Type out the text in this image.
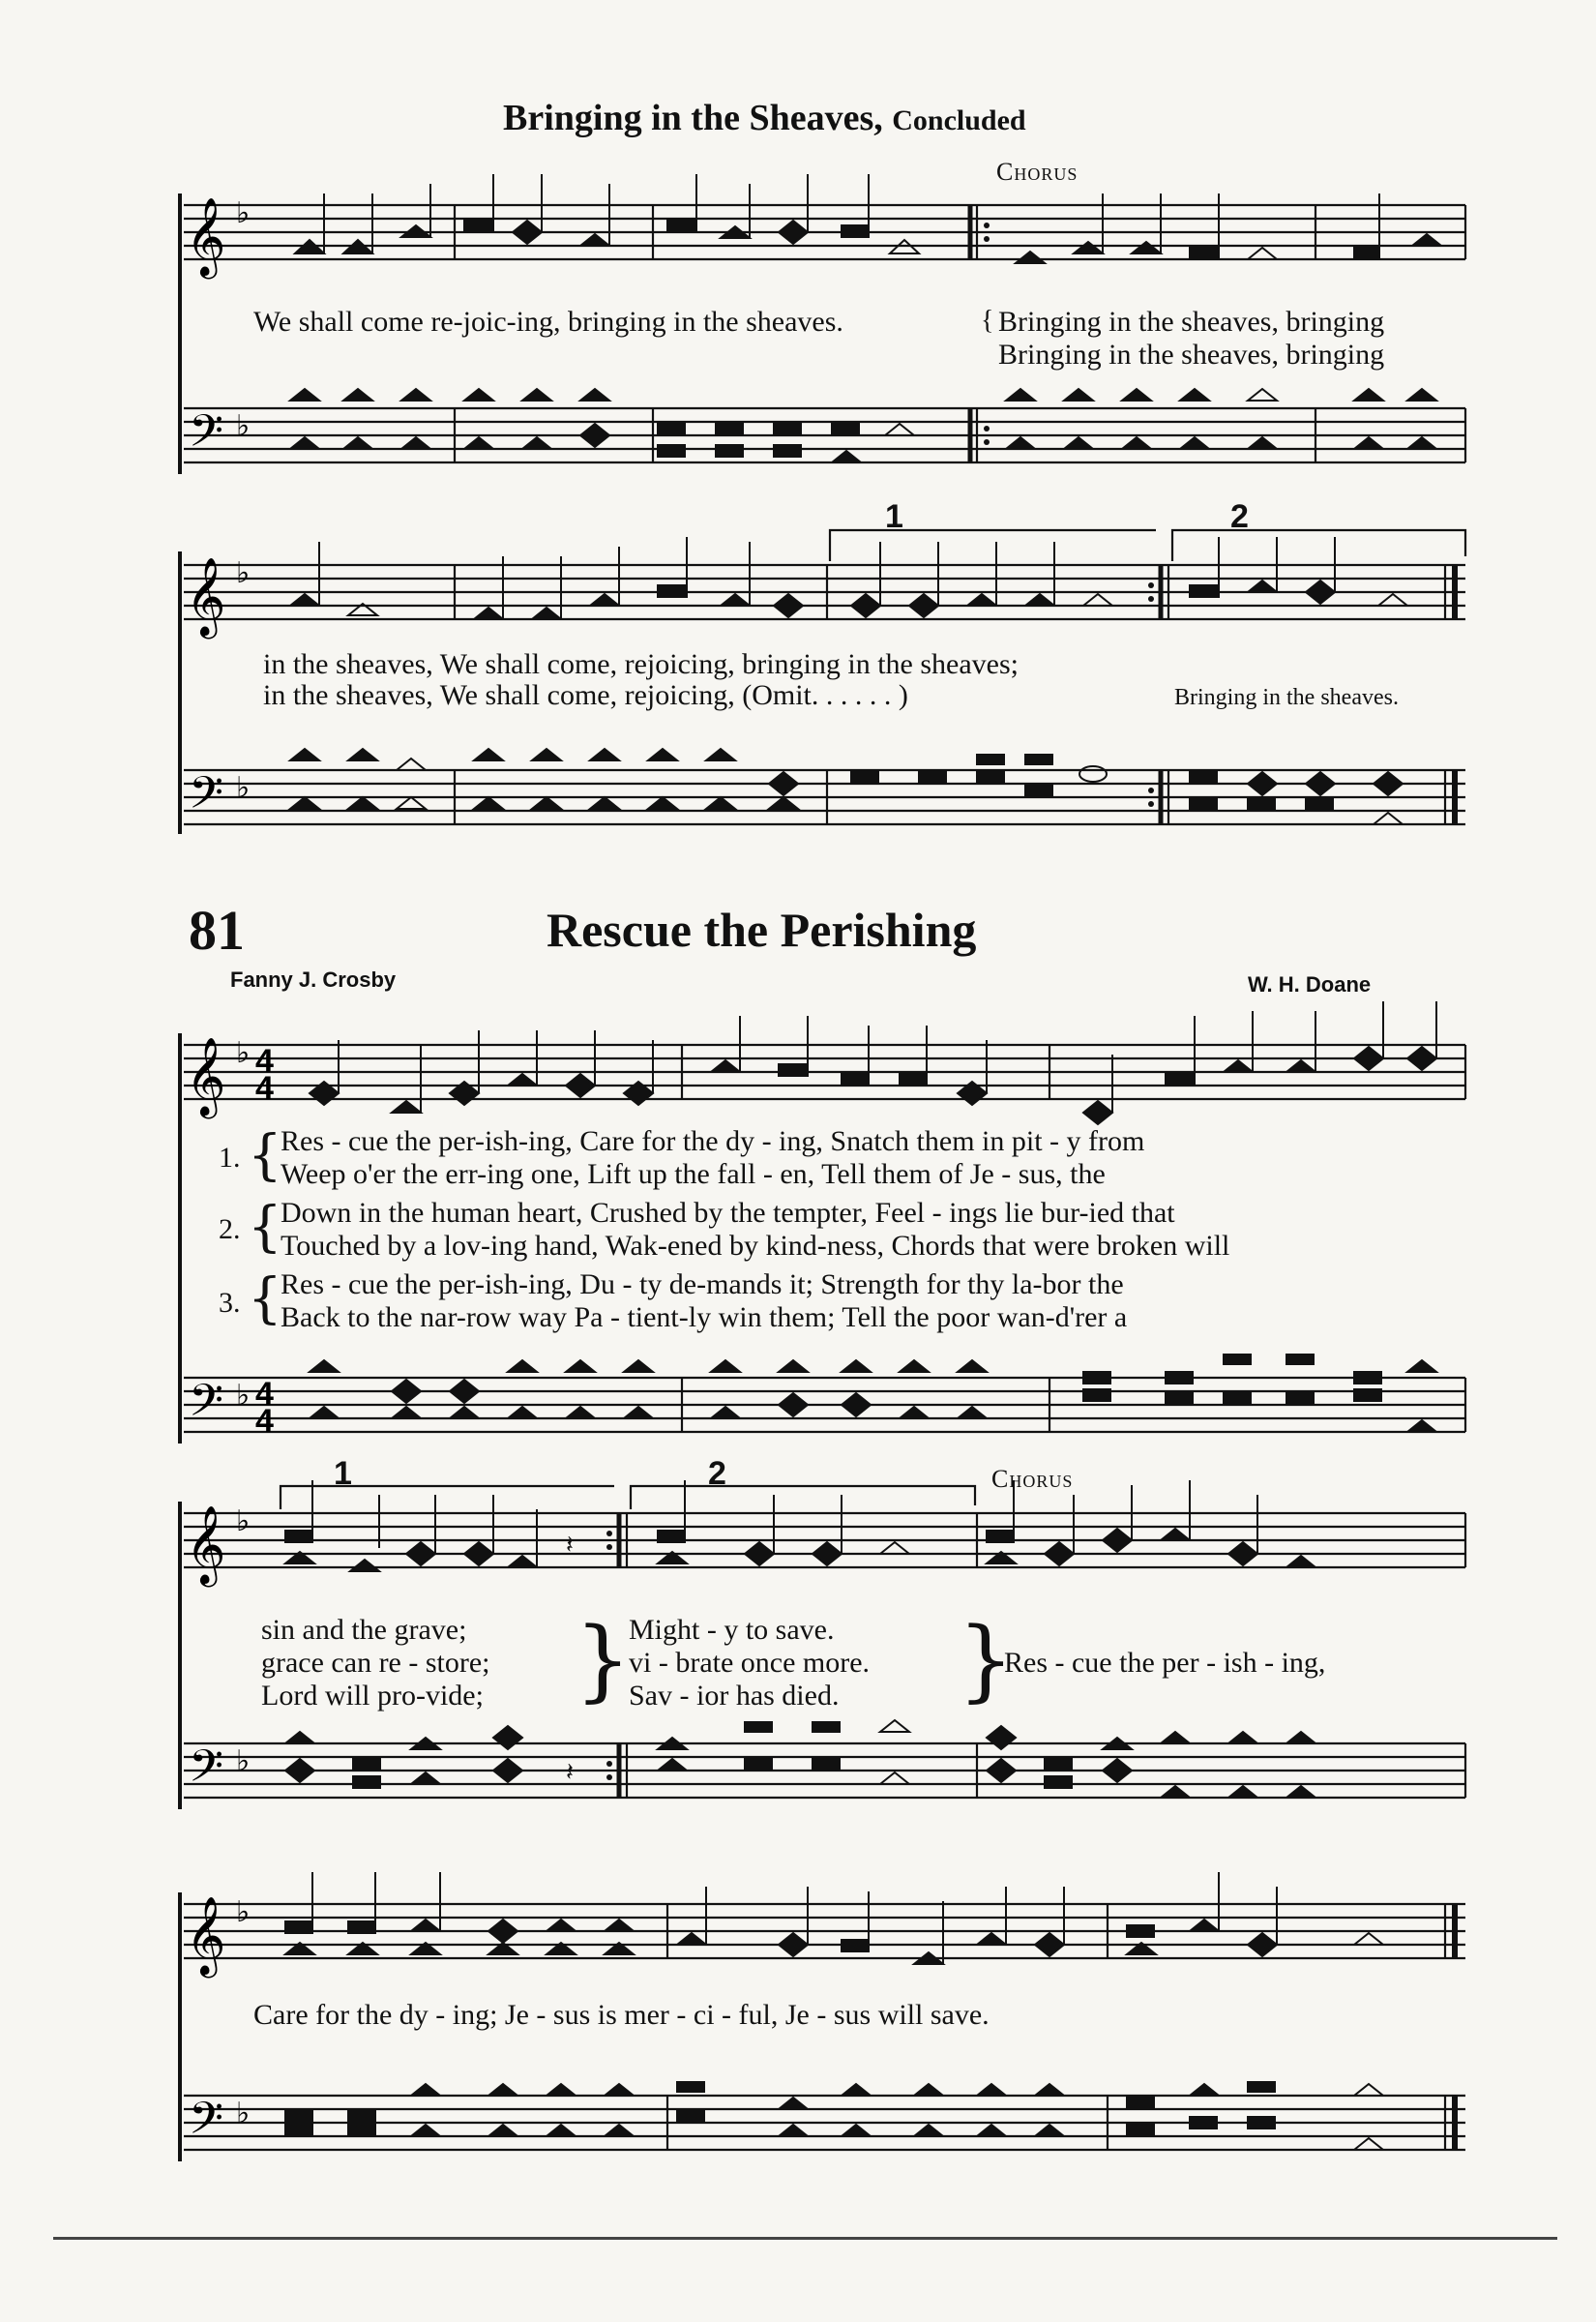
Bringing in the Sheaves, Concluded
Chorus
𝄞
𝄢
♭
♭
We shall come re-joic-ing, bringing in the sheaves.	{ Bringing in the sheaves, bringing
Bringing in the sheaves, bringing
𝄞
𝄢
♭
♭
1	2
in the sheaves, We shall come, rejoicing, bringing in the sheaves;
in the sheaves, We shall come, rejoicing, (Omit. . . . . . )	Bringing in the sheaves.
81	Rescue the Perishing
Fanny J. Crosby	W. H. Doane
𝄞
𝄢
♭
♭
4
4
4
4
1. {
Res - cue the per-ish-ing, Care for the dy - ing, Snatch them in pit - y from
Weep o'er the err-ing one, Lift up the fall - en, Tell them of Je - sus, the
2. {
Down in the human heart, Crushed by the tempter, Feel - ings lie bur-ied that
Touched by a lov-ing hand, Wak-ened by kind-ness, Chords that were broken will
3. {
Res - cue the per-ish-ing, Du - ty de-mands it; Strength for thy la-bor the
Back to the nar-row way Pa - tient-ly win them; Tell the poor wan-d'rer a
𝄞
𝄢
♭
♭
𝄽
𝄽
1	2	Chorus
sin and the grave;
grace can re - store;
Lord will pro-vide; }
Might - y to save.
vi - brate once more.
Sav - ior has died. }
Res - cue the per - ish - ing,
𝄞
𝄢
♭
♭
Care for the dy - ing; Je - sus is mer - ci - ful, Je - sus will save.
